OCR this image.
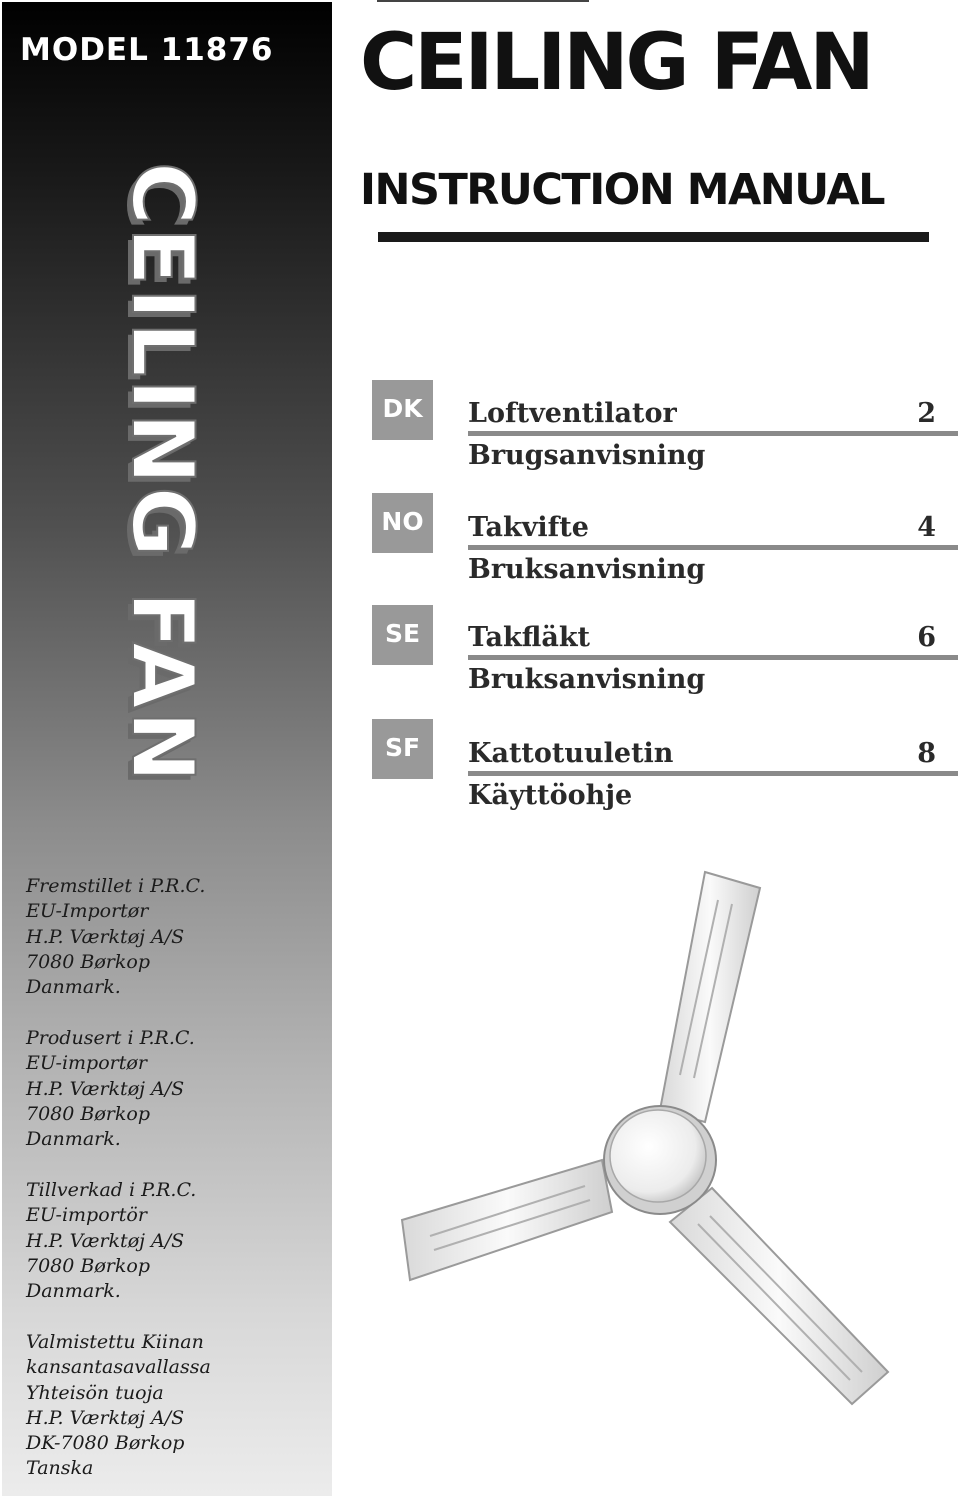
MODEL 11876
CEILING FAN
Fremstillet i P.R.C.
EU-Importør
H.P. Værktøj A/S
7080 Børkop
Danmark.
Produsert i P.R.C.
EU-importør
H.P. Værktøj A/S
7080 Børkop
Danmark.
Tillverkad i P.R.C.
EU-importör
H.P. Værktøj A/S
7080 Børkop
Danmark.
Valmistettu Kiinan
kansantasavallassa
Yhteisön tuoja
H.P. Værktøj A/S
DK-7080 Børkop
Tanska
CEILING FAN
INSTRUCTION MANUAL
DK	Loftventilator	2
Brugsanvisning
NO	Takvifte	4
Bruksanvisning
SE	Takfläkt	6
Bruksanvisning
SF	Kattotuuletin	8
Käyttöohje
